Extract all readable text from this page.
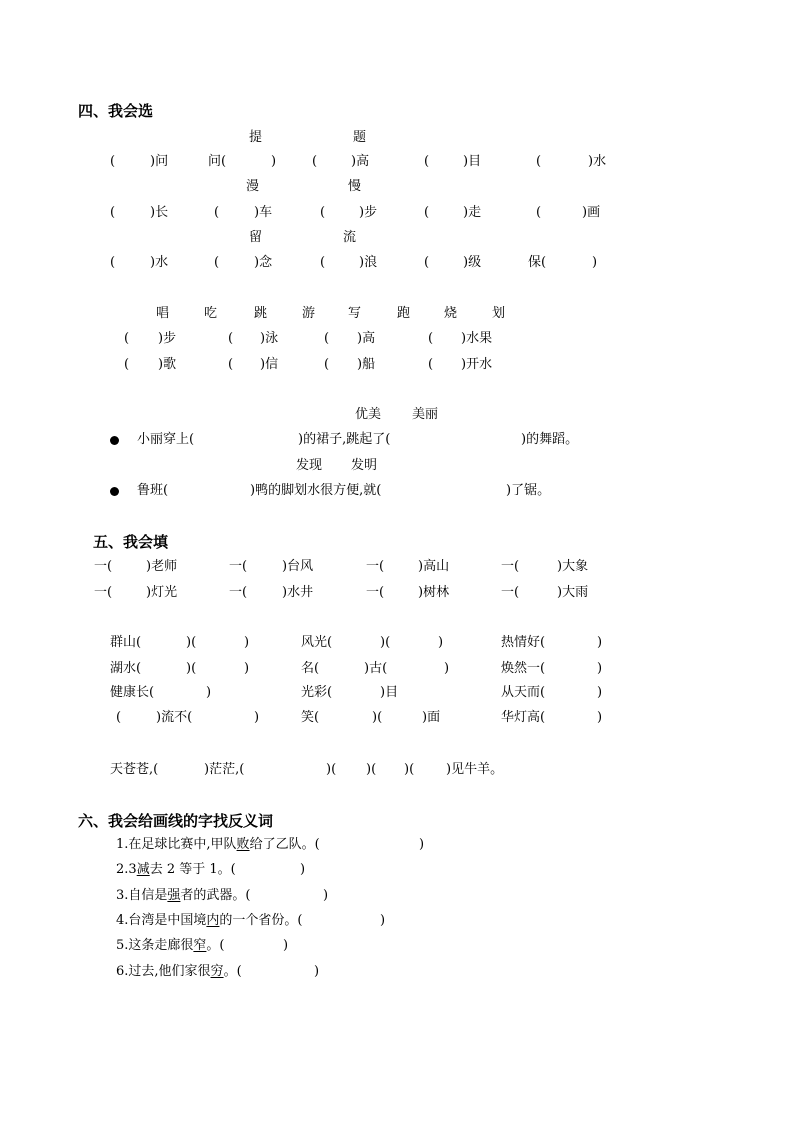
四、我会选
提	题
(	)问	问(	)	(	)高	(	)目	(	)水
漫	慢
(	)长	(	)车	(	)步	(	)走	(	)画
留	流
(	)水	(	)念	(	)浪	(	)级	保(	)
唱	吃	跳	游	写	跑	烧	划
( )步	( )泳	( )高	( )水果
( )歌	( )信	( )船	( )开水
优美 美丽
小丽穿上(	)的裙子,跳起了(	)的舞蹈。
发现 发明
鲁班(	)鸭的脚划水很方便,就(	)了锯。
五、我会填
一(	)老师	一(	)台风	一(	)高山	一(	)大象
一(	)灯光	一(	)水井	一(	)树林	一(	)大雨
群山(	)(	)	风光(	)(	)	热情好(	)
湖水(	)(	)	名(	)古(	)	焕然一(	)
健康长(	)	光彩(	)目	从天而(	)
(	)流不(	)	笑(	)(	)面	华灯高(	)
天苍苍,(	)茫茫,(	)( )( )( )见牛羊。
六、我会给画线的字找反义词
1.在足球比赛中,甲队败给了乙队。(	)
2.3减去 2 等于 1。(	)
3.自信是强者的武器。(	)
4.台湾是中国境内的一个省份。(	)
5.这条走廊很窄。(	)
6.过去,他们家很穷。(	)
